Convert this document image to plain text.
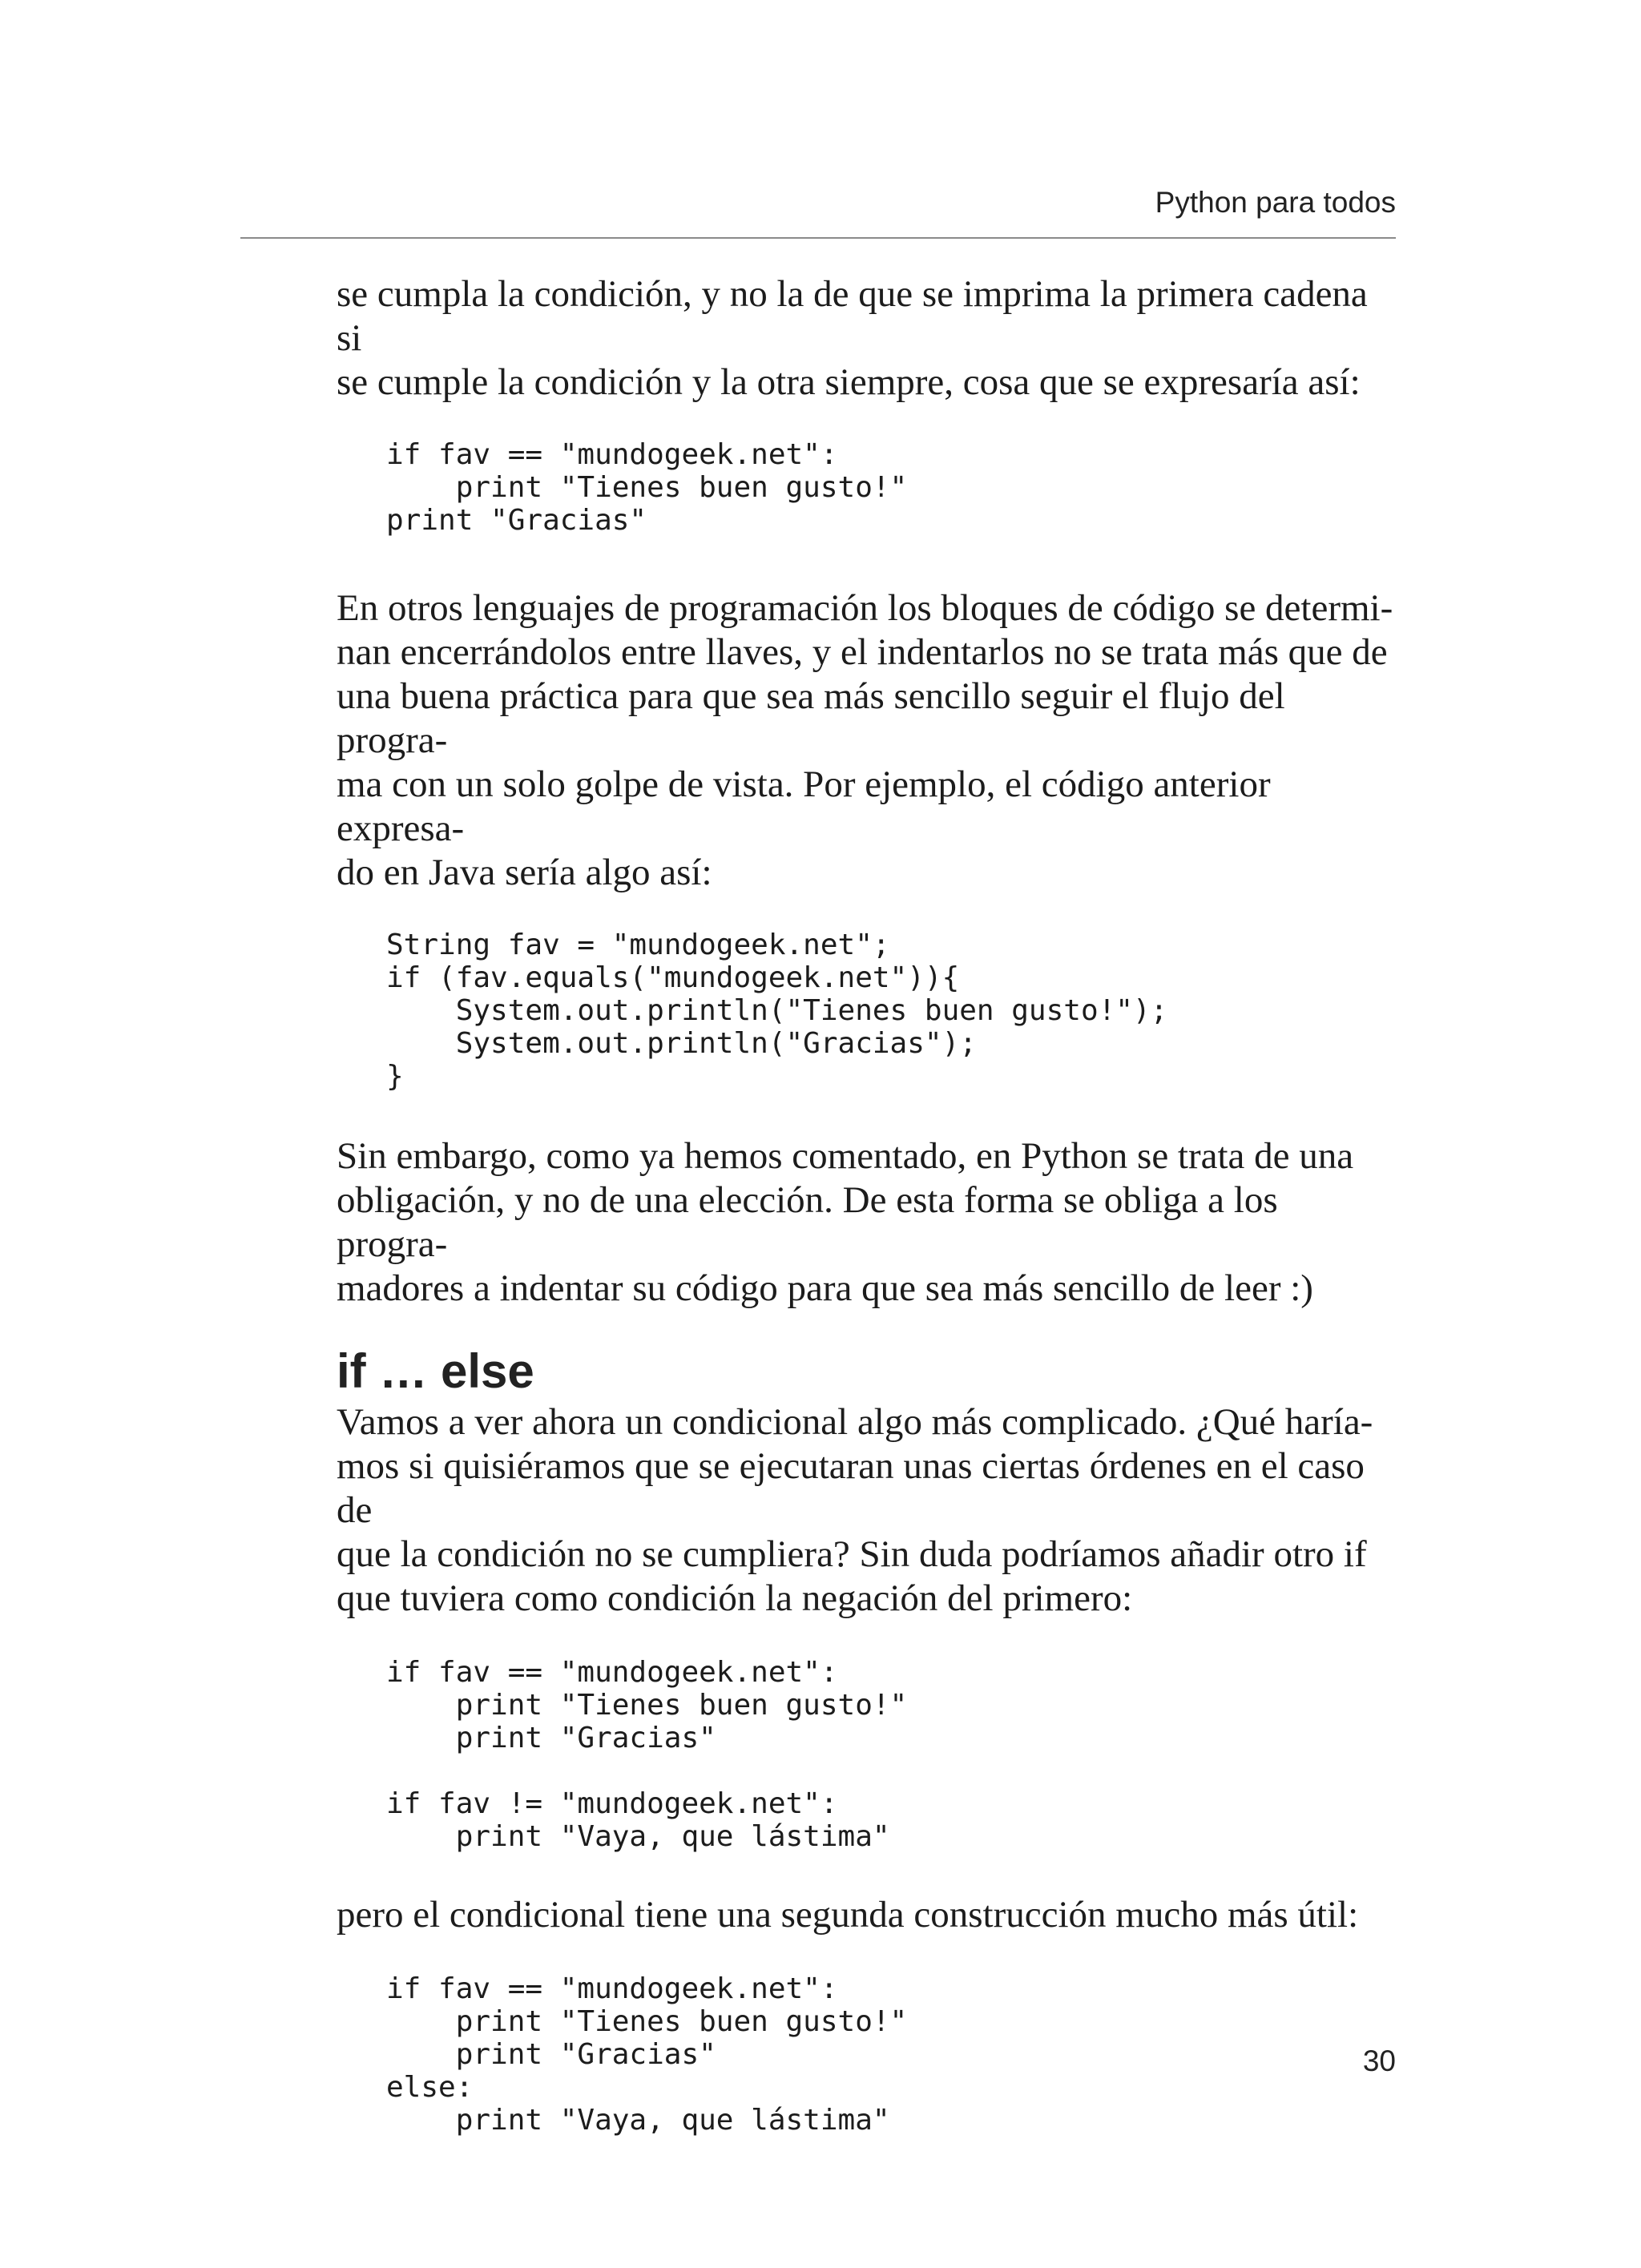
Python para todos

se cumpla la condición, y no la de que se imprima la primera cadena si
se cumple la condición y la otra siempre, cosa que se expresaría así:

if fav == "mundogeek.net":
print "Tienes buen gusto!"
print "Gracias"

En otros lenguajes de programación los bloques de código se determi-
nan encerrándolos entre llaves, y el indentarlos no se trata más que de
una buena práctica para que sea más sencillo seguir el flujo del progra-
ma con un solo golpe de vista. Por ejemplo, el código anterior expresa-
do en Java sería algo así:

String fav = "mundogeek.net";
if (fav.equals("mundogeek.net")){
System.out.println("Tienes buen gusto!");
System.out.println("Gracias");
}

Sin embargo, como ya hemos comentado, en Python se trata de una
obligación, y no de una elección. De esta forma se obliga a los progra-
madores a indentar su código para que sea más sencillo de leer :)

if … else

Vamos a ver ahora un condicional algo más complicado. ¿Qué haría-
mos si quisiéramos que se ejecutaran unas ciertas órdenes en el caso de
que la condición no se cumpliera? Sin duda podríamos añadir otro if
que tuviera como condición la negación del primero:

if fav == "mundogeek.net":
print "Tienes buen gusto!"
print "Gracias"

if fav != "mundogeek.net":
print "Vaya, que lástima"

pero el condicional tiene una segunda construcción mucho más útil:

if fav == "mundogeek.net":
print "Tienes buen gusto!"
print "Gracias"
else:
print "Vaya, que lástima"
30
